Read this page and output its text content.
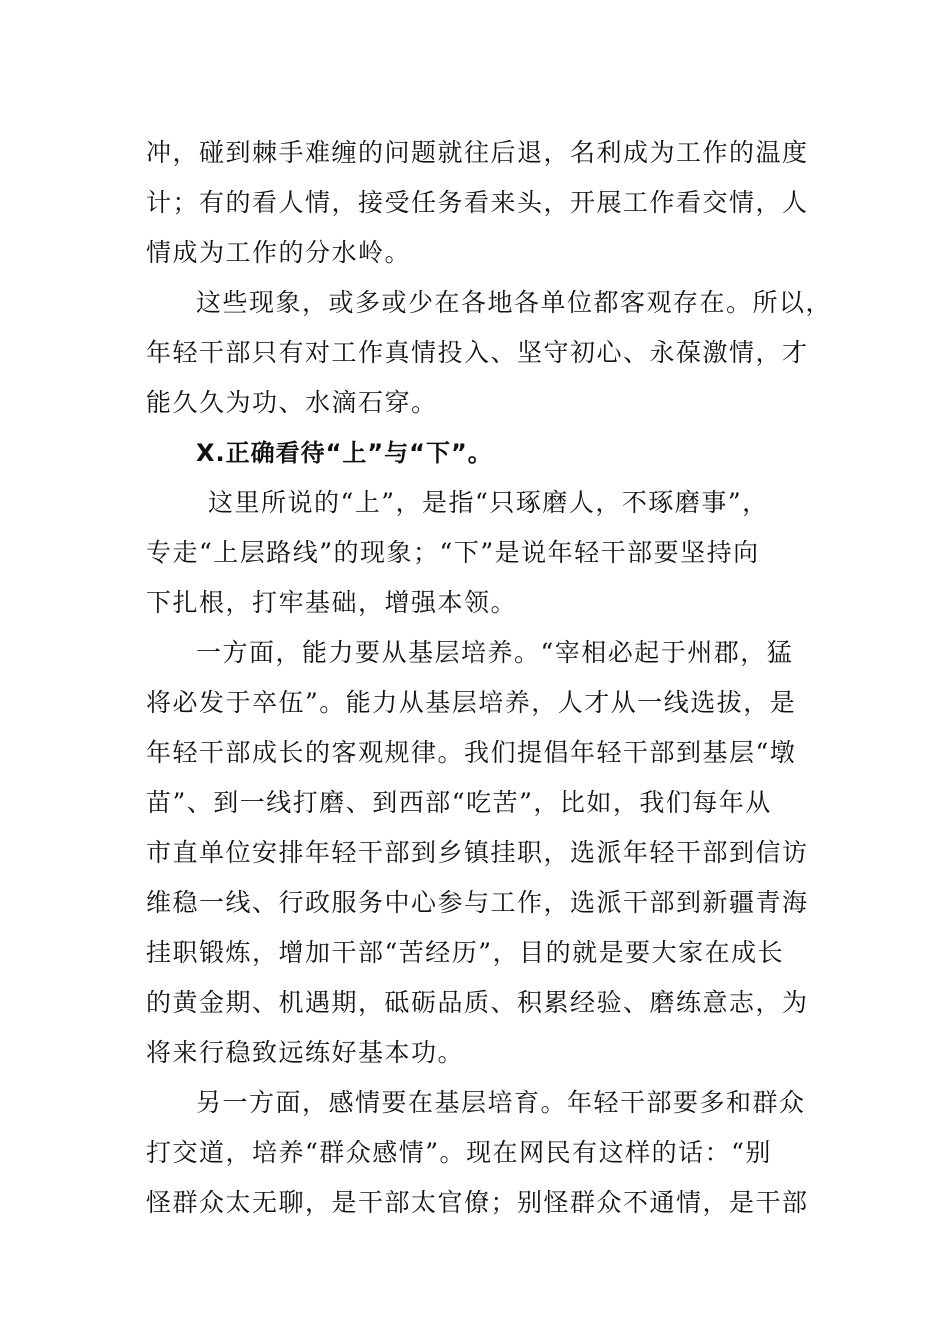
冲，碰到棘手难缠的问题就往后退，名利成为工作的温度
计；有的看人情，接受任务看来头，开展工作看交情，人
情成为工作的分水岭。
这些现象，或多或少在各地各单位都客观存在。所以，
年轻干部只有对工作真情投入、坚守初心、永葆激情，才
能久久为功、水滴石穿。
X.正确看待“上”与“下”。
这里所说的“上”，是指“只琢磨人，不琢磨事”，
专走“上层路线”的现象；“下”是说年轻干部要坚持向
下扎根，打牢基础，增强本领。
一方面，能力要从基层培养。“宰相必起于州郡，猛
将必发于卒伍”。能力从基层培养，人才从一线选拔，是
年轻干部成长的客观规律。我们提倡年轻干部到基层“墩
苗”、到一线打磨、到西部“吃苦”，比如，我们每年从
市直单位安排年轻干部到乡镇挂职，选派年轻干部到信访
维稳一线、行政服务中心参与工作，选派干部到新疆青海
挂职锻炼，增加干部“苦经历”，目的就是要大家在成长
的黄金期、机遇期，砥砺品质、积累经验、磨练意志，为
将来行稳致远练好基本功。
另一方面，感情要在基层培育。年轻干部要多和群众
打交道，培养“群众感情”。现在网民有这样的话：“别
怪群众太无聊，是干部太官僚；别怪群众不通情，是干部
